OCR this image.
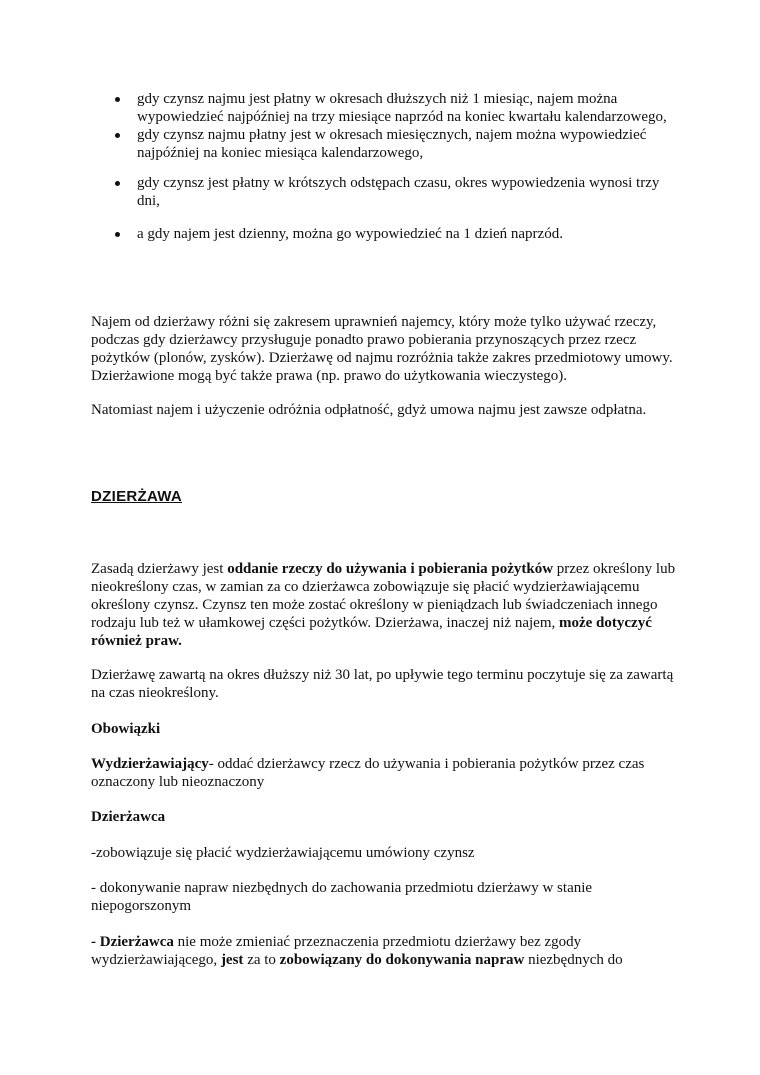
gdy czynsz najmu jest płatny w okresach dłuższych niż 1 miesiąc, najem można wypowiedzieć najpóźniej na trzy miesiące naprzód na koniec kwartału kalendarzowego,
gdy czynsz najmu płatny jest w okresach miesięcznych, najem można wypowiedzieć najpóźniej na koniec miesiąca kalendarzowego,
gdy czynsz jest płatny w krótszych odstępach czasu, okres wypowiedzenia wynosi trzy dni,
a gdy najem jest dzienny, można go wypowiedzieć na 1 dzień naprzód.

Najem od dzierżawy różni się zakresem uprawnień najemcy, który może tylko używać rzeczy, podczas gdy dzierżawcy przysługuje ponadto prawo pobierania przynoszących przez rzecz pożytków (plonów, zysków). Dzierżawę od najmu rozróżnia także zakres przedmiotowy umowy. Dzierżawione mogą być także prawa (np. prawo do użytkowania wieczystego).

Natomiast najem i użyczenie odróżnia odpłatność, gdyż umowa najmu jest zawsze odpłatna.

DZIERŻAWA

Zasadą dzierżawy jest oddanie rzeczy do używania i pobierania pożytków przez określony lub nieokreślony czas, w zamian za co dzierżawca zobowiązuje się płacić wydzierżawiającemu określony czynsz. Czynsz ten może zostać określony w pieniądzach lub świadczeniach innego rodzaju lub też w ułamkowej części pożytków. Dzierżawa, inaczej niż najem, może dotyczyć również praw.

Dzierżawę zawartą na okres dłuższy niż 30 lat, po upływie tego terminu poczytuje się za zawartą na czas nieokreślony.

Obowiązki

Wydzierżawiający- oddać dzierżawcy rzecz do używania i pobierania pożytków przez czas oznaczony lub nieoznaczony

Dzierżawca

-zobowiązuje się płacić wydzierżawiającemu umówiony czynsz

- dokonywanie napraw niezbędnych do zachowania przedmiotu dzierżawy w stanie niepogorszonym

- Dzierżawca nie może zmieniać przeznaczenia przedmiotu dzierżawy bez zgody wydzierżawiającego, jest za to zobowiązany do dokonywania napraw niezbędnych do
